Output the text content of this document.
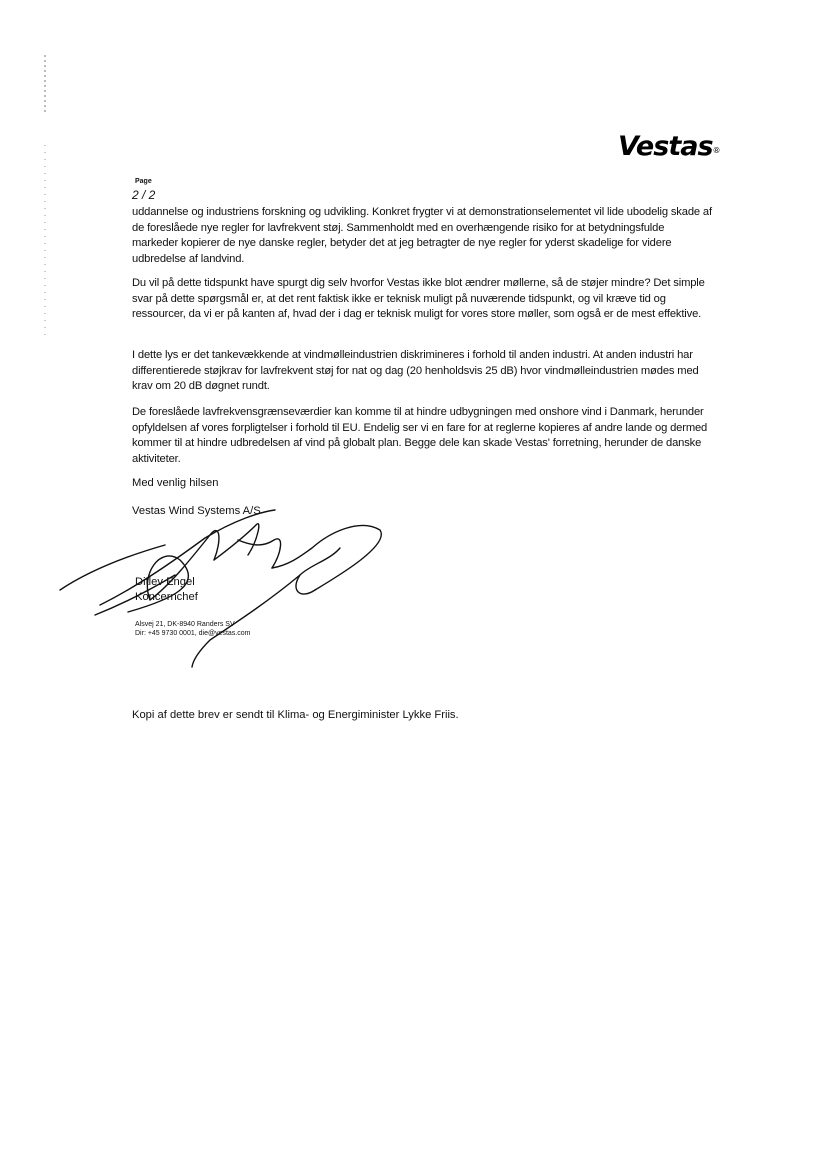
Vestas®
Page
2 / 2

uddannelse og industriens forskning og udvikling. Konkret frygter vi at demonstrationselementet vil lide ubodelig skade af de foreslåede nye regler for lavfrekvent støj. Sammenholdt med en overhængende risiko for at betydningsfulde markeder kopierer de nye danske regler, betyder det at jeg betragter de nye regler for yderst skadelige for videre udbredelse af landvind.

Du vil på dette tidspunkt have spurgt dig selv hvorfor Vestas ikke blot ændrer møllerne, så de støjer mindre? Det simple svar på dette spørgsmål er, at det rent faktisk ikke er teknisk muligt på nuværende tidspunkt, og vil kræve tid og ressourcer, da vi er på kanten af, hvad der i dag er teknisk muligt for vores store møller, som også er de mest effektive.

I dette lys er det tankevækkende at vindmølleindustrien diskrimineres i forhold til anden industri. At anden industri har differentierede støjkrav for lavfrekvent støj for nat og dag (20 henholdsvis 25 dB) hvor vindmølleindustrien mødes med krav om 20 dB døgnet rundt.

De foreslåede lavfrekvensgrænseværdier kan komme til at hindre udbygningen med onshore vind i Danmark, herunder opfyldelsen af vores forpligtelser i forhold til EU. Endelig ser vi en fare for at reglerne kopieres af andre lande og dermed kommer til at hindre udbredelsen af vind på globalt plan. Begge dele kan skade Vestas' forretning, herunder de danske aktiviteter.

Med venlig hilsen
Vestas Wind Systems A/S
Ditlev Engel
Koncernchef
Alsvej 21, DK-8940 Randers SV
Dir: +45 9730 0001, die@vestas.com
Kopi af dette brev er sendt til Klima- og Energiminister Lykke Friis.
